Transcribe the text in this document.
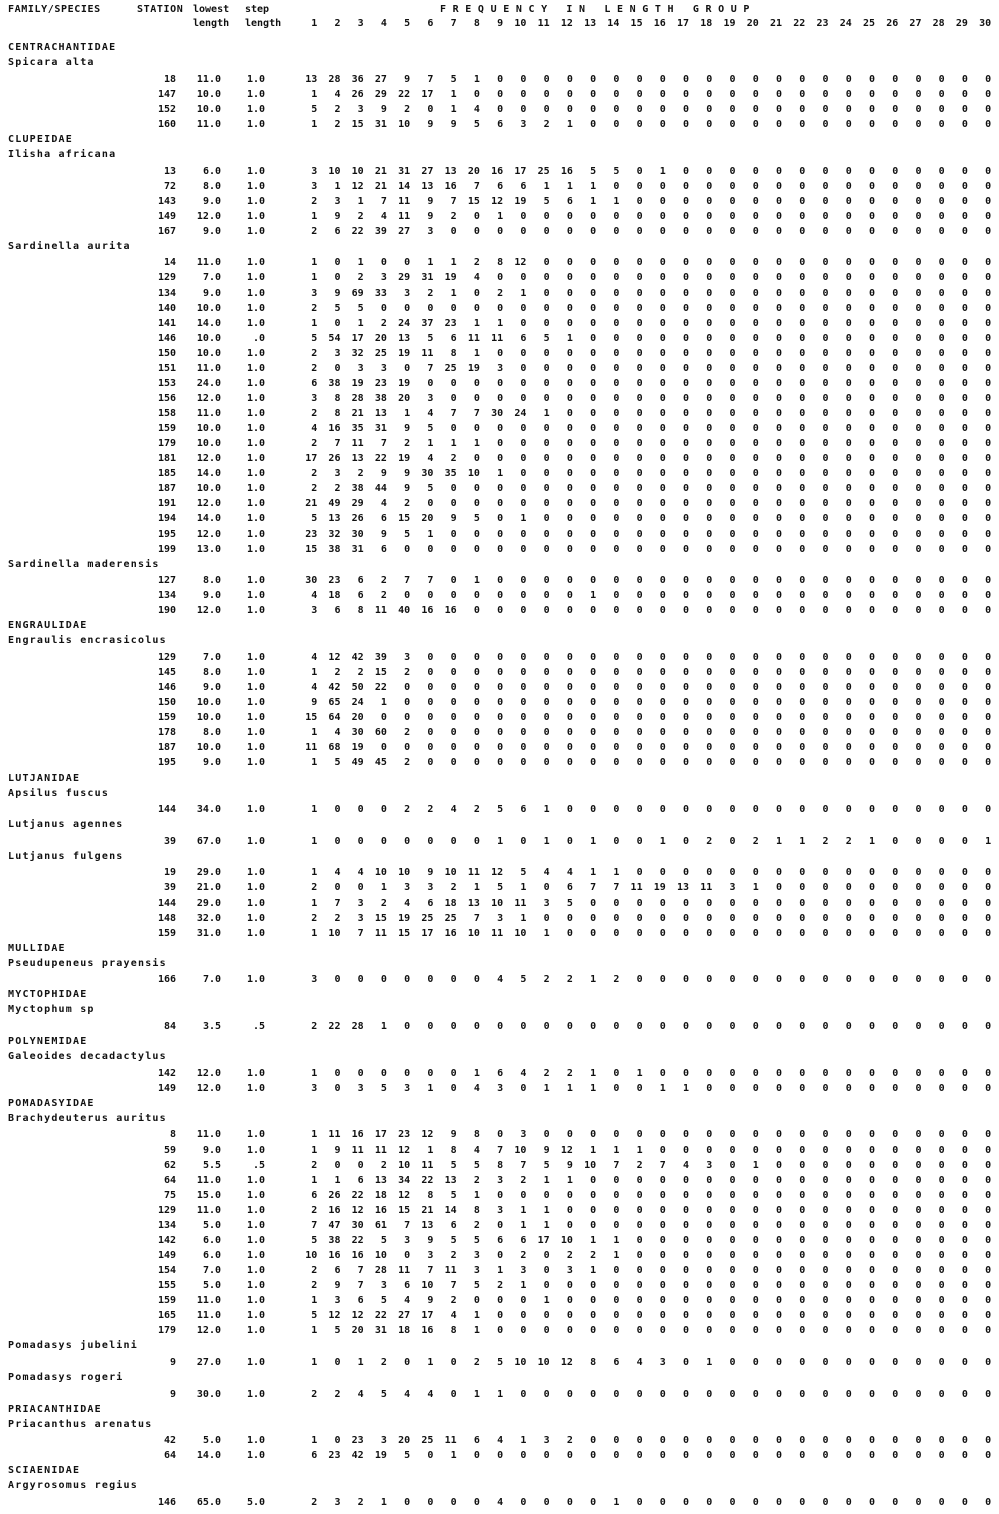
FAMILY/SPECIES	STATION lowest step
length length
F R E Q U E N C Y   I N   L E N G T H   G R O U P
1	2	3	4	5	6	7	8	9	10	11	12	13	14	15	16	17	18	19	20	21	22	23	24	25	26	27	28	29	30
CENTRACHANTIDAE
Spicara alta
18	11.0	1.0	13	28	36	27	9	7	5	1	0	0	0	0	0	0	0	0	0	0	0	0	0	0	0	0	0	0	0	0	0	0
147	10.0	1.0	1	4	26	29	22	17	1	0	0	0	0	0	0	0	0	0	0	0	0	0	0	0	0	0	0	0	0	0	0	0
152	10.0	1.0	5	2	3	9	2	0	1	4	0	0	0	0	0	0	0	0	0	0	0	0	0	0	0	0	0	0	0	0	0	0
160	11.0	1.0	1	2	15	31	10	9	9	5	6	3	2	1	0	0	0	0	0	0	0	0	0	0	0	0	0	0	0	0	0	0
CLUPEIDAE
Ilisha africana
13	6.0	1.0	3	10	10	21	31	27	13	20	16	17	25	16	5	5	0	1	0	0	0	0	0	0	0	0	0	0	0	0	0	0
72	8.0	1.0	3	1	12	21	14	13	16	7	6	6	1	1	1	0	0	0	0	0	0	0	0	0	0	0	0	0	0	0	0	0
143	9.0	1.0	2	3	1	7	11	9	7	15	12	19	5	6	1	1	0	0	0	0	0	0	0	0	0	0	0	0	0	0	0	0
149	12.0	1.0	1	9	2	4	11	9	2	0	1	0	0	0	0	0	0	0	0	0	0	0	0	0	0	0	0	0	0	0	0	0
167	9.0	1.0	2	6	22	39	27	3	0	0	0	0	0	0	0	0	0	0	0	0	0	0	0	0	0	0	0	0	0	0	0	0
Sardinella aurita
14	11.0	1.0	1	0	1	0	0	1	1	2	8	12	0	0	0	0	0	0	0	0	0	0	0	0	0	0	0	0	0	0	0	0
129	7.0	1.0	1	0	2	3	29	31	19	4	0	0	0	0	0	0	0	0	0	0	0	0	0	0	0	0	0	0	0	0	0	0
134	9.0	1.0	3	9	69	33	3	2	1	0	2	1	0	0	0	0	0	0	0	0	0	0	0	0	0	0	0	0	0	0	0	0
140	10.0	1.0	2	5	5	0	0	0	0	0	0	0	0	0	0	0	0	0	0	0	0	0	0	0	0	0	0	0	0	0	0	0
141	14.0	1.0	1	0	1	2	24	37	23	1	1	0	0	0	0	0	0	0	0	0	0	0	0	0	0	0	0	0	0	0	0	0
146	10.0	.0	5	54	17	20	13	5	6	11	11	6	5	1	0	0	0	0	0	0	0	0	0	0	0	0	0	0	0	0	0	0
150	10.0	1.0	2	3	32	25	19	11	8	1	0	0	0	0	0	0	0	0	0	0	0	0	0	0	0	0	0	0	0	0	0	0
151	11.0	1.0	2	0	3	3	0	7	25	19	3	0	0	0	0	0	0	0	0	0	0	0	0	0	0	0	0	0	0	0	0	0
153	24.0	1.0	6	38	19	23	19	0	0	0	0	0	0	0	0	0	0	0	0	0	0	0	0	0	0	0	0	0	0	0	0	0
156	12.0	1.0	3	8	28	38	20	3	0	0	0	0	0	0	0	0	0	0	0	0	0	0	0	0	0	0	0	0	0	0	0	0
158	11.0	1.0	2	8	21	13	1	4	7	7	30	24	1	0	0	0	0	0	0	0	0	0	0	0	0	0	0	0	0	0	0	0
159	10.0	1.0	4	16	35	31	9	5	0	0	0	0	0	0	0	0	0	0	0	0	0	0	0	0	0	0	0	0	0	0	0	0
179	10.0	1.0	2	7	11	7	2	1	1	1	0	0	0	0	0	0	0	0	0	0	0	0	0	0	0	0	0	0	0	0	0	0
181	12.0	1.0	17	26	13	22	19	4	2	0	0	0	0	0	0	0	0	0	0	0	0	0	0	0	0	0	0	0	0	0	0	0
185	14.0	1.0	2	3	2	9	9	30	35	10	1	0	0	0	0	0	0	0	0	0	0	0	0	0	0	0	0	0	0	0	0	0
187	10.0	1.0	2	2	38	44	9	5	0	0	0	0	0	0	0	0	0	0	0	0	0	0	0	0	0	0	0	0	0	0	0	0
191	12.0	1.0	21	49	29	4	2	0	0	0	0	0	0	0	0	0	0	0	0	0	0	0	0	0	0	0	0	0	0	0	0	0
194	14.0	1.0	5	13	26	6	15	20	9	5	0	1	0	0	0	0	0	0	0	0	0	0	0	0	0	0	0	0	0	0	0	0
195	12.0	1.0	23	32	30	9	5	1	0	0	0	0	0	0	0	0	0	0	0	0	0	0	0	0	0	0	0	0	0	0	0	0
199	13.0	1.0	15	38	31	6	0	0	0	0	0	0	0	0	0	0	0	0	0	0	0	0	0	0	0	0	0	0	0	0	0	0
Sardinella maderensis
127	8.0	1.0	30	23	6	2	7	7	0	1	0	0	0	0	0	0	0	0	0	0	0	0	0	0	0	0	0	0	0	0	0	0
134	9.0	1.0	4	18	6	2	0	0	0	0	0	0	0	0	1	0	0	0	0	0	0	0	0	0	0	0	0	0	0	0	0	0
190	12.0	1.0	3	6	8	11	40	16	16	0	0	0	0	0	0	0	0	0	0	0	0	0	0	0	0	0	0	0	0	0	0	0
ENGRAULIDAE
Engraulis encrasicolus
129	7.0	1.0	4	12	42	39	3	0	0	0	0	0	0	0	0	0	0	0	0	0	0	0	0	0	0	0	0	0	0	0	0	0
145	8.0	1.0	1	2	2	15	2	0	0	0	0	0	0	0	0	0	0	0	0	0	0	0	0	0	0	0	0	0	0	0	0	0
146	9.0	1.0	4	42	50	22	0	0	0	0	0	0	0	0	0	0	0	0	0	0	0	0	0	0	0	0	0	0	0	0	0	0
150	10.0	1.0	9	65	24	1	0	0	0	0	0	0	0	0	0	0	0	0	0	0	0	0	0	0	0	0	0	0	0	0	0	0
159	10.0	1.0	15	64	20	0	0	0	0	0	0	0	0	0	0	0	0	0	0	0	0	0	0	0	0	0	0	0	0	0	0	0
178	8.0	1.0	1	4	30	60	2	0	0	0	0	0	0	0	0	0	0	0	0	0	0	0	0	0	0	0	0	0	0	0	0	0
187	10.0	1.0	11	68	19	0	0	0	0	0	0	0	0	0	0	0	0	0	0	0	0	0	0	0	0	0	0	0	0	0	0	0
195	9.0	1.0	1	5	49	45	2	0	0	0	0	0	0	0	0	0	0	0	0	0	0	0	0	0	0	0	0	0	0	0	0	0
LUTJANIDAE
Apsilus fuscus
144	34.0	1.0	1	0	0	0	2	2	4	2	5	6	1	0	0	0	0	0	0	0	0	0	0	0	0	0	0	0	0	0	0	0
Lutjanus agennes
39	67.0	1.0	1	0	0	0	0	0	0	0	1	0	1	0	1	0	0	1	0	2	0	2	1	1	2	2	1	0	0	0	0	1
Lutjanus fulgens
19	29.0	1.0	1	4	4	10	10	9	10	11	12	5	4	4	1	1	0	0	0	0	0	0	0	0	0	0	0	0	0	0	0	0
39	21.0	1.0	2	0	0	1	3	3	2	1	5	1	0	6	7	7	11	19	13	11	3	1	0	0	0	0	0	0	0	0	0	0
144	29.0	1.0	1	7	3	2	4	6	18	13	10	11	3	5	0	0	0	0	0	0	0	0	0	0	0	0	0	0	0	0	0	0
148	32.0	1.0	2	2	3	15	19	25	25	7	3	1	0	0	0	0	0	0	0	0	0	0	0	0	0	0	0	0	0	0	0	0
159	31.0	1.0	1	10	7	11	15	17	16	10	11	10	1	0	0	0	0	0	0	0	0	0	0	0	0	0	0	0	0	0	0	0
MULLIDAE
Pseudupeneus prayensis
166	7.0	1.0	3	0	0	0	0	0	0	0	4	5	2	2	1	2	0	0	0	0	0	0	0	0	0	0	0	0	0	0	0	0
MYCTOPHIDAE
Myctophum sp
84	3.5	.5	2	22	28	1	0	0	0	0	0	0	0	0	0	0	0	0	0	0	0	0	0	0	0	0	0	0	0	0	0	0
POLYNEMIDAE
Galeoides decadactylus
142	12.0	1.0	1	0	0	0	0	0	0	1	6	4	2	2	1	0	1	0	0	0	0	0	0	0	0	0	0	0	0	0	0	0
149	12.0	1.0	3	0	3	5	3	1	0	4	3	0	1	1	1	0	0	1	1	0	0	0	0	0	0	0	0	0	0	0	0	0
POMADASYIDAE
Brachydeuterus auritus
8	11.0	1.0	1	11	16	17	23	12	9	8	0	3	0	0	0	0	0	0	0	0	0	0	0	0	0	0	0	0	0	0	0	0
59	9.0	1.0	1	9	11	11	12	1	8	4	7	10	9	12	1	1	1	0	0	0	0	0	0	0	0	0	0	0	0	0	0	0
62	5.5	.5	2	0	0	2	10	11	5	5	8	7	5	9	10	7	2	7	4	3	0	1	0	0	0	0	0	0	0	0	0	0
64	11.0	1.0	1	1	6	13	34	22	13	2	3	2	1	1	0	0	0	0	0	0	0	0	0	0	0	0	0	0	0	0	0	0
75	15.0	1.0	6	26	22	18	12	8	5	1	0	0	0	0	0	0	0	0	0	0	0	0	0	0	0	0	0	0	0	0	0	0
129	11.0	1.0	2	16	12	16	15	21	14	8	3	1	1	0	0	0	0	0	0	0	0	0	0	0	0	0	0	0	0	0	0	0
134	5.0	1.0	7	47	30	61	7	13	6	2	0	1	1	0	0	0	0	0	0	0	0	0	0	0	0	0	0	0	0	0	0	0
142	6.0	1.0	5	38	22	5	3	9	5	5	6	6	17	10	1	1	0	0	0	0	0	0	0	0	0	0	0	0	0	0	0	0
149	6.0	1.0	10	16	16	10	0	3	2	3	0	2	0	2	2	1	0	0	0	0	0	0	0	0	0	0	0	0	0	0	0	0
154	7.0	1.0	2	6	7	28	11	7	11	3	1	3	0	3	1	0	0	0	0	0	0	0	0	0	0	0	0	0	0	0	0	0
155	5.0	1.0	2	9	7	3	6	10	7	5	2	1	0	0	0	0	0	0	0	0	0	0	0	0	0	0	0	0	0	0	0	0
159	11.0	1.0	1	3	6	5	4	9	2	0	0	0	1	0	0	0	0	0	0	0	0	0	0	0	0	0	0	0	0	0	0	0
165	11.0	1.0	5	12	12	22	27	17	4	1	0	0	0	0	0	0	0	0	0	0	0	0	0	0	0	0	0	0	0	0	0	0
179	12.0	1.0	1	5	20	31	18	16	8	1	0	0	0	0	0	0	0	0	0	0	0	0	0	0	0	0	0	0	0	0	0	0
Pomadasys jubelini
9	27.0	1.0	1	0	1	2	0	1	0	2	5	10	10	12	8	6	4	3	0	1	0	0	0	0	0	0	0	0	0	0	0	0
Pomadasys rogeri
9	30.0	1.0	2	2	4	5	4	4	0	1	1	0	0	0	0	0	0	0	0	0	0	0	0	0	0	0	0	0	0	0	0	0
PRIACANTHIDAE
Priacanthus arenatus
42	5.0	1.0	1	0	23	3	20	25	11	6	4	1	3	2	0	0	0	0	0	0	0	0	0	0	0	0	0	0	0	0	0	0
64	14.0	1.0	6	23	42	19	5	0	1	0	0	0	0	0	0	0	0	0	0	0	0	0	0	0	0	0	0	0	0	0	0	0
SCIAENIDAE
Argyrosomus regius
146	65.0	5.0	2	3	2	1	0	0	0	0	4	0	0	0	0	1	0	0	0	0	0	0	0	0	0	0	0	0	0	0	0	0
